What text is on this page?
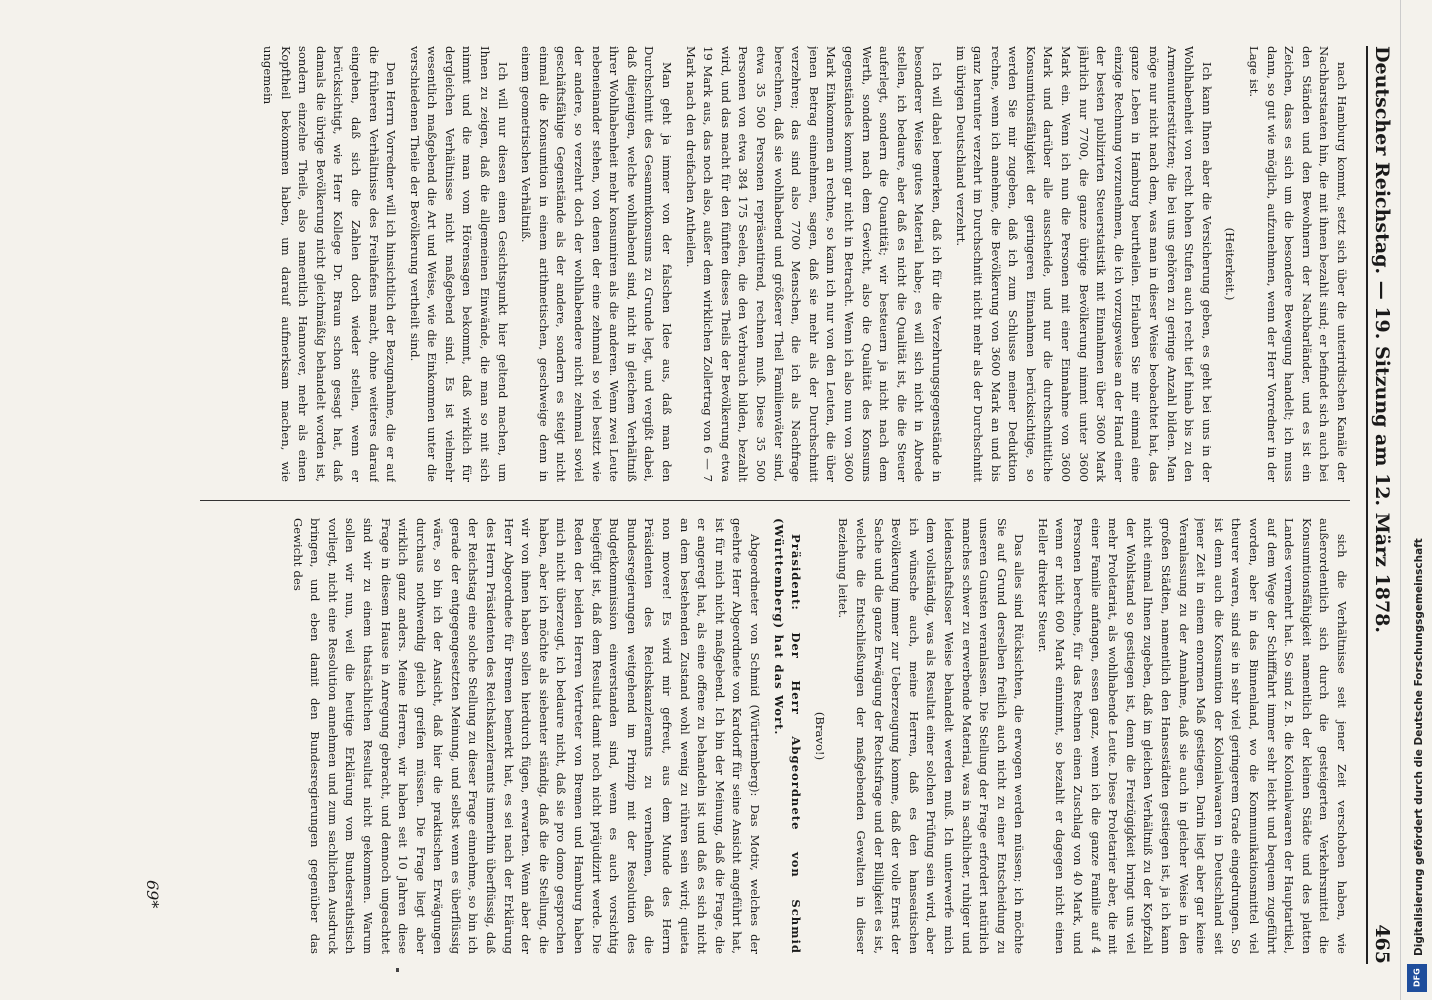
Deutscher Reichstag. — 19. Sitzung am 12. März 1878.
465

nach Hamburg kommt, setzt sich über die unterirdischen Kanäle der Nachbarstaaten hin, die mit ihnen bezahlt sind; er befindet sich auch bei den Ständen und den Bewohnern der Nachbarländer, und es ist ein Zeichen, dass es sich um die besondere Bewegung handelt; ich muss dann, so gut wie möglich, aufzunehmen, wenn der Herr Vorredner in der Lage ist.

(Heiterkeit.)

Ich kann Ihnen aber die Versicherung geben, es geht bei uns in der Wohlhabenheit von recht hohen Stufen auch recht tief hinab bis zu den Armenunterstützten; die bei uns gehören zu geringe Anzahl bilden. Man möge nur nicht nach dem, was man in dieser Weise beobachtet hat, das ganze Leben in Hamburg beurtheilen. Erlauben Sie mir einmal eine einzige Rechnung vorzunehmen, die ich vorzugsweise an der Hand einer der besten publizirten Steuerstatistik mit Einnahmen über 3600 Mark jährlich nur 7700, die ganze übrige Bevölkerung nimmt unter 3600 Mark ein. Wenn ich nun die Personen mit einer Einnahme von 3600 Mark und darüber alle ausscheide, und nur die durchschnittliche Konsumtionsfähigkeit der geringeren Einnahmen berücksichtige, so werden Sie mir zugeben, daß ich zum Schlusse meiner Deduktion rechne, wenn ich annehme, die Bevölkerung von 3600 Mark an und bis ganz herunter verzehrt im Durchschnitt nicht mehr als der Durchschnitt im übrigen Deutschland verzehrt.

Ich will dabei bemerken, daß ich für die Verzehrungsgegenstände in besonderer Weise gutes Material habe; es will sich nicht in Abrede stellen, ich bedaure, aber daß es nicht die Qualität ist, die die Steuer auferlegt, sondern die Quantität; wir besteuern ja nicht nach dem Werth, sondern nach dem Gewicht, also die Qualität des Konsums gegenständes kommt gar nicht in Betracht. Wenn ich also nun von 3600 Mark Einkommen an rechne, so kann ich nur von den Leuten, die über jenen Betrag einnehmen, sagen, daß sie mehr als der Durchschnitt verzehren; das sind also 7700 Menschen, die ich als Nachfrage berechnen, daß sie wohlhabend und größerer Theil Familienväter sind, etwa 35 500 Personen repräsentirend, rechnen muß. Diese 35 500 Personen von etwa 384 175 Seelen, die den Verbrauch bilden, bezahlt wird, und das macht für den fünften dieses Theils der Bevölkerung etwa 19 Mark aus, das noch also, außer dem wirklichen Zollertrag von 6 — 7 Mark nach den dreifachen Antheilen.

Man geht ja immer von der falschen Idee aus, daß man den Durchschnitt des Gesammtkonsums zu Grunde legt, und vergißt dabei, daß diejenigen, welche wohlhabend sind, nicht in gleichem Verhältniß ihrer Wohlhabenheit mehr konsumiren als die anderen. Wenn zwei Leute nebeneinander stehen, von denen der eine zehnmal so viel besitzt wie der andere, so verzehrt doch der wohlhabendere nicht zehnmal soviel geschäftsfähige Gegenstände als der andere, sondern es steigt nicht einmal die Konsumtion in einem arithmetischen, geschweige denn in einem geometrischen Verhältniß.

Ich will nur diesen einen Gesichtspunkt hier geltend machen, um Ihnen zu zeigen, daß die allgemeinen Einwände, die man so mit sich nimmt und die man vom Hörensagen bekommt, daß wirklich für dergleichen Verhältnisse nicht maßgebend sind. Es ist vielmehr wesentlich maßgebend die Art und Weise, wie die Einkommen unter die verschiedenen Theile der Bevölkerung vertheilt sind.

Den Herrn Vorredner will ich hinsichtlich der Bezugnahme, die er auf die früheren Verhältnisse des Freihafens macht, ohne weiteres darauf eingehen, daß sich die Zahlen doch wieder stellen, wenn er berücksichtigt, wie Herr Kollege Dr. Braun schon gesagt hat, daß damals die übrige Bevölkerung nicht gleichmäßig behandelt worden ist, sondern einzelne Theile, also namentlich Hannover, mehr als einen Kopftheil bekommen haben, um darauf aufmerksam machen, wie ungemein

sich die Verhältnisse seit jener Zeit verschoben haben, wie außerordentlich sich durch die gesteigerten Verkehrsmittel die Konsumtionsfähigkeit namentlich der kleinen Städte und des platten Landes vermehrt hat. So sind z. B. die Kolonialwaaren der Hauptartikel, auf dem Wege der Schifffahrt immer sehr leicht und bequem zugeführt worden, aber in das Binnenland, wo die Kommunikationsmittel viel theurer waren, sind sie in sehr viel geringerem Grade eingedrungen. So ist denn auch die Konsumtion der Kolonialwaaren in Deutschland seit jener Zeit in einem enormen Maß gestiegen. Darin liegt aber gar keine Veranlassung zu der Annahme, daß sie auch in gleicher Weise in den großen Städten, namentlich den Hansestädten gestiegen ist, ja ich kann nicht einmal Ihnen zugeben, daß im gleichen Verhältniß zu der Kopfzahl der Wohlstand so gestiegen ist, denn die Freizügigkeit bringt uns viel mehr Proletariat, als wohlhabende Leute. Diese Proletarier aber, die mit einer Familie anfangen, essen ganz, wenn ich die ganze Familie auf 4 Personen berechne, für das Rechnen einen Zuschlag von 40 Mark, und wenn er nicht 600 Mark einnimmt, so bezahlt er dagegen nicht einen Heller direkter Steuer.

Das alles sind Rücksichten, die erwogen werden müssen; ich möchte Sie auf Grund derselben freilich auch nicht zu einer Entscheidung zu unseren Gunsten veranlassen. Die Stellung der Frage erfordert natürlich manches schwer zu erwerbende Material, was in sachlicher, ruhiger und leidenschaftsloser Weise behandelt werden muß. Ich unterwerfe mich dem vollständig, was als Resultat einer solchen Prüfung sein wird, aber ich wünsche auch, meine Herren, daß es den hanseatischen Bevölkerung immer zur Ueberzeugung komme, daß der volle Ernst der Sache und die ganze Erwägung der Rechtsfrage und der Billigkeit es ist, welche die Entschließungen der maßgebenden Gewalten in dieser Beziehung leitet.

(Bravo!)

Präsident: Der Herr Abgeordnete von Schmid (Württemberg) hat das Wort.

Abgeordneter von Schmid (Württemberg): Das Motiv, welches der geehrte Herr Abgeordnete von Kardorff für seine Ansicht angeführt hat, ist für mich nicht maßgebend. Ich bin der Meinung, daß die Frage, die er angeregt hat, als eine offene zu behandeln ist und daß es sich nicht an dem bestehenden Zustand wohl wenig zu rühren sein wird; quieta non movere! Es wird mir gefreut, aus dem Munde des Herrn Präsidenten des Reichskanzleramts zu vernehmen, daß die Bundesregierungen weitgehend im Prinzip mit der Resolution des Budgetkommission einverstanden sind, wenn es auch vorsichtig beigefügt ist, daß dem Resultat damit noch nicht präjudizirt werde. Die Reden der beiden Herren Vertreter von Bremen und Hamburg haben mich nicht überzeugt, ich bedaure nicht, daß sie pro domo gesprochen haben, aber ich möchte als siebenter ständig, daß die die Stellung, die wir von ihnen haben sollen hierdurch fügen, erwarten. Wenn aber der Herr Abgeordnete für Bremen bemerkt hat, es sei nach der Erklärung des Herrn Präsidenten des Reichskanzleramts immerhin überflüssig, daß der Reichstag eine solche Stellung zu dieser Frage einnehme, so bin ich gerade der entgegengesetzten Meinung, und selbst wenn es überflüssig wäre, so bin ich der Ansicht, daß hier die praktischen Erwägungen durchaus nothwendig gleich greifen müssen. Die Frage liegt aber wirklich ganz anders. Meine Herren, wir haben seit 10 Jahren diese Frage in diesem Hause in Anregung gebracht, und dennoch ungeachtet sind wir zu einem thatsächlichen Resultat nicht gekommen. Warum sollen wir nun, weil die heutige Erklärung vom Bundesrathstisch vorliegt, nicht eine Resolution annehmen und zum sachlichen Ausdruck bringen, und eben damit den Bundesregierungen gegenüber das Gewicht des

69*	Digitalisierung gefördert durch die Deutsche Forschungsgemeinschaft
DFG
